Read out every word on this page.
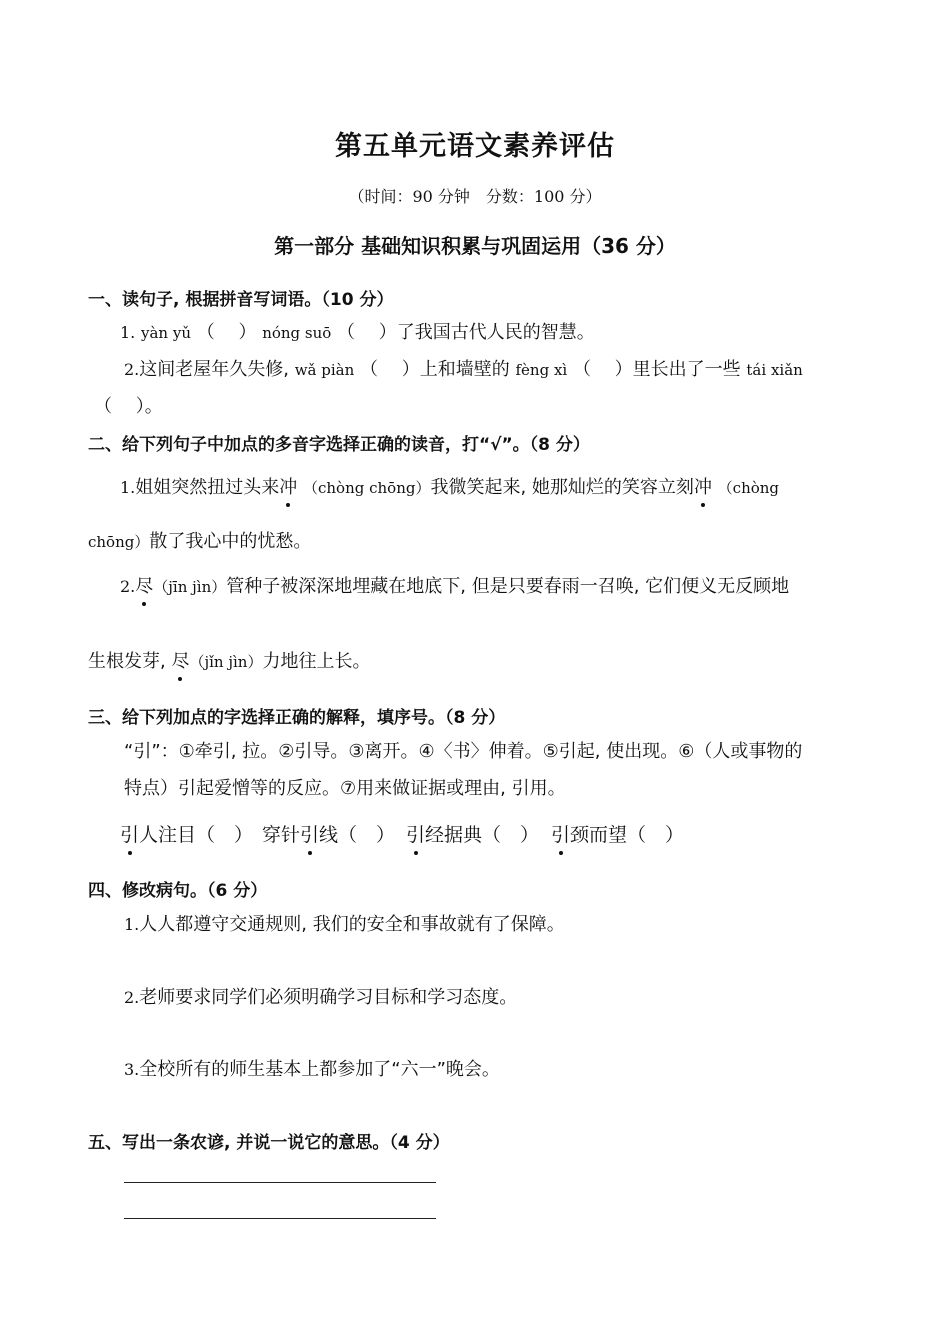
第五单元语文素养评估
（时间：90 分钟　分数：100 分）
第一部分 基础知识积累与巩固运用（36 分）
一、读句子, 根据拼音写词语。（10 分）
1. yàn yǔ （　 ） nóng suō （　 ）了我国古代人民的智慧。
2.这间老屋年久失修, wǎ piàn （　 ）上和墙壁的 fèng xì （　 ）里长出了一些 tái xiǎn
（　 ）。
二、给下列句子中加点的多音字选择正确的读音，打“√”。（8 分）
1.姐姐突然扭过头来冲 （chòng chōng）我微笑起来, 她那灿烂的笑容立刻冲 （chòng
chōng）散了我心中的忧愁。
2.尽（jīn jìn）管种子被深深地埋藏在地底下, 但是只要春雨一召唤, 它们便义无反顾地
生根发芽, 尽（jǐn jìn）力地往上长。
三、给下列加点的字选择正确的解释，填序号。（8 分）
“引”：①牵引, 拉。②引导。③离开。④〈书〉伸着。⑤引起, 使出现。⑥（人或事物的
特点）引起爱憎等的反应。⑦用来做证据或理由, 引用。
引人注目（　） 穿针引线（　） 引经据典（　） 引颈而望（　）
四、修改病句。（6 分）
1.人人都遵守交通规则, 我们的安全和事故就有了保障。
2.老师要求同学们必须明确学习目标和学习态度。
3.全校所有的师生基本上都参加了“六一”晚会。
五、写出一条农谚, 并说一说它的意思。（4 分）
